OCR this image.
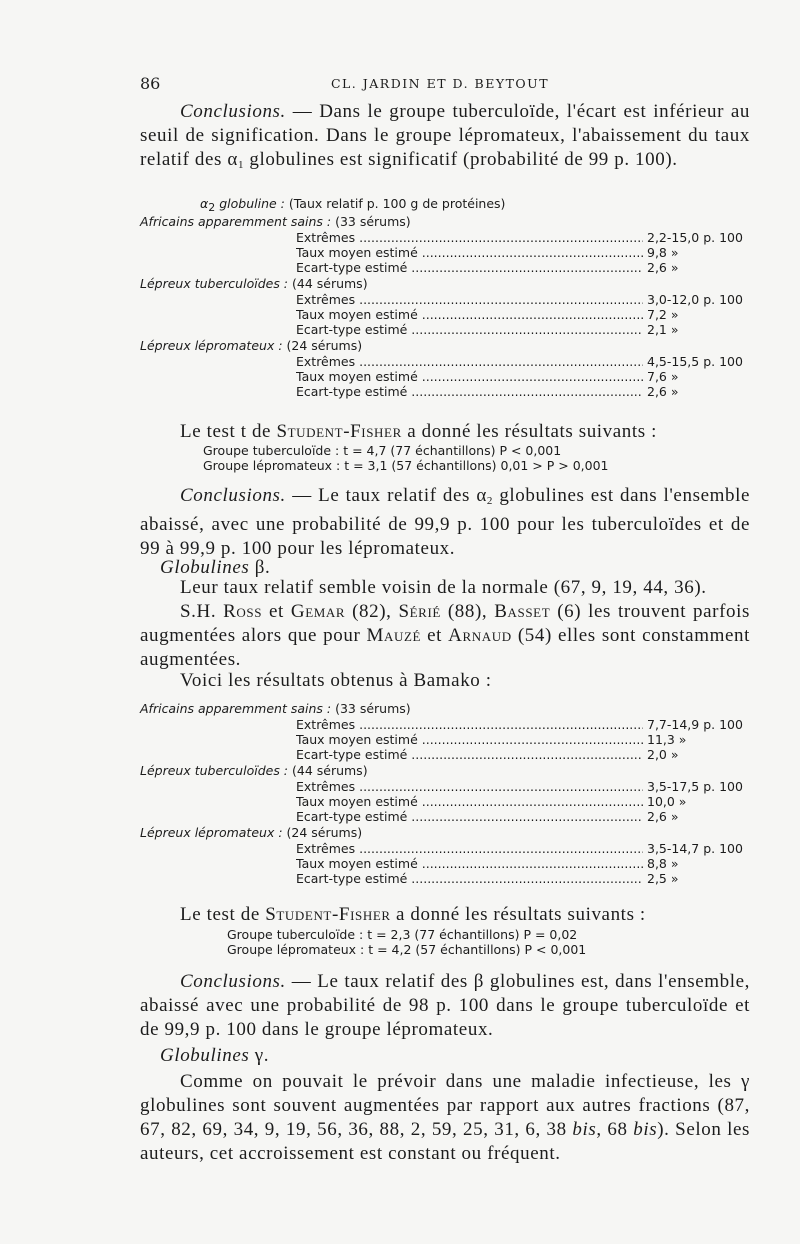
86	CL. JARDIN ET D. BEYTOUT
Conclusions. — Dans le groupe tuberculoïde, l'écart est inférieur au seuil de signification. Dans le groupe lépromateux, l'abaissement du taux relatif des $\alpha_1$ globulines est significatif (probabilité de 99 p. 100).
α2 globuline : (Taux relatif p. 100 g de protéines)
Africains apparemment sains : (33 sérums)
Extrêmes .....	2,2-15,0 p. 100
Taux moyen estimé .....	9,8 »
Ecart-type estimé .....	2,6 »
Lépreux tuberculoïdes : (44 sérums)
Extrêmes .....	3,0-12,0 p. 100
Taux moyen estimé .....	7,2 »
Ecart-type estimé .....	2,1 »
Lépreux lépromateux : (24 sérums)
Extrêmes .....	4,5-15,5 p. 100
Taux moyen estimé .....	7,6 »
Ecart-type estimé .....	2,6 »
Le test t de Student-Fisher a donné les résultats suivants :
Groupe tuberculoïde : t = 4,7 (77 échantillons) P < 0,001
Groupe lépromateux : t = 3,1 (57 échantillons) 0,01 > P > 0,001
Conclusions. — Le taux relatif des $\alpha_2$ globulines est dans l'ensemble abaissé, avec une probabilité de 99,9 p. 100 pour les tuberculoïdes et de 99 à 99,9 p. 100 pour les lépromateux.
Globulines β.
Leur taux relatif semble voisin de la normale (67, 9, 19, 44, 36).
S.H. Ross et Gemar (82), Sérié (88), Basset (6) les trouvent parfois augmentées alors que pour Mauzé et Arnaud (54) elles sont constamment augmentées.
Voici les résultats obtenus à Bamako :
Africains apparemment sains : (33 sérums)
Extrêmes .....	7,7-14,9 p. 100
Taux moyen estimé .....	11,3 »
Ecart-type estimé .....	2,0 »
Lépreux tuberculoïdes : (44 sérums)
Extrêmes .....	3,5-17,5 p. 100
Taux moyen estimé .....	10,0 »
Ecart-type estimé .....	2,6 »
Lépreux lépromateux : (24 sérums)
Extrêmes .....	3,5-14,7 p. 100
Taux moyen estimé .....	8,8 »
Ecart-type estimé .....	2,5 »
Le test de Student-Fisher a donné les résultats suivants :
Groupe tuberculoïde : t = 2,3 (77 échantillons) P = 0,02
Groupe lépromateux : t = 4,2 (57 échantillons) P < 0,001
Conclusions. — Le taux relatif des β globulines est, dans l'ensemble, abaissé avec une probabilité de 98 p. 100 dans le groupe tuberculoïde et de 99,9 p. 100 dans le groupe lépromateux.
Globulines γ.
Comme on pouvait le prévoir dans une maladie infectieuse, les γ globulines sont souvent augmentées par rapport aux autres fractions (87, 67, 82, 69, 34, 9, 19, 56, 36, 88, 2, 59, 25, 31, 6, 38 bis, 68 bis). Selon les auteurs, cet accroissement est constant ou fréquent.
